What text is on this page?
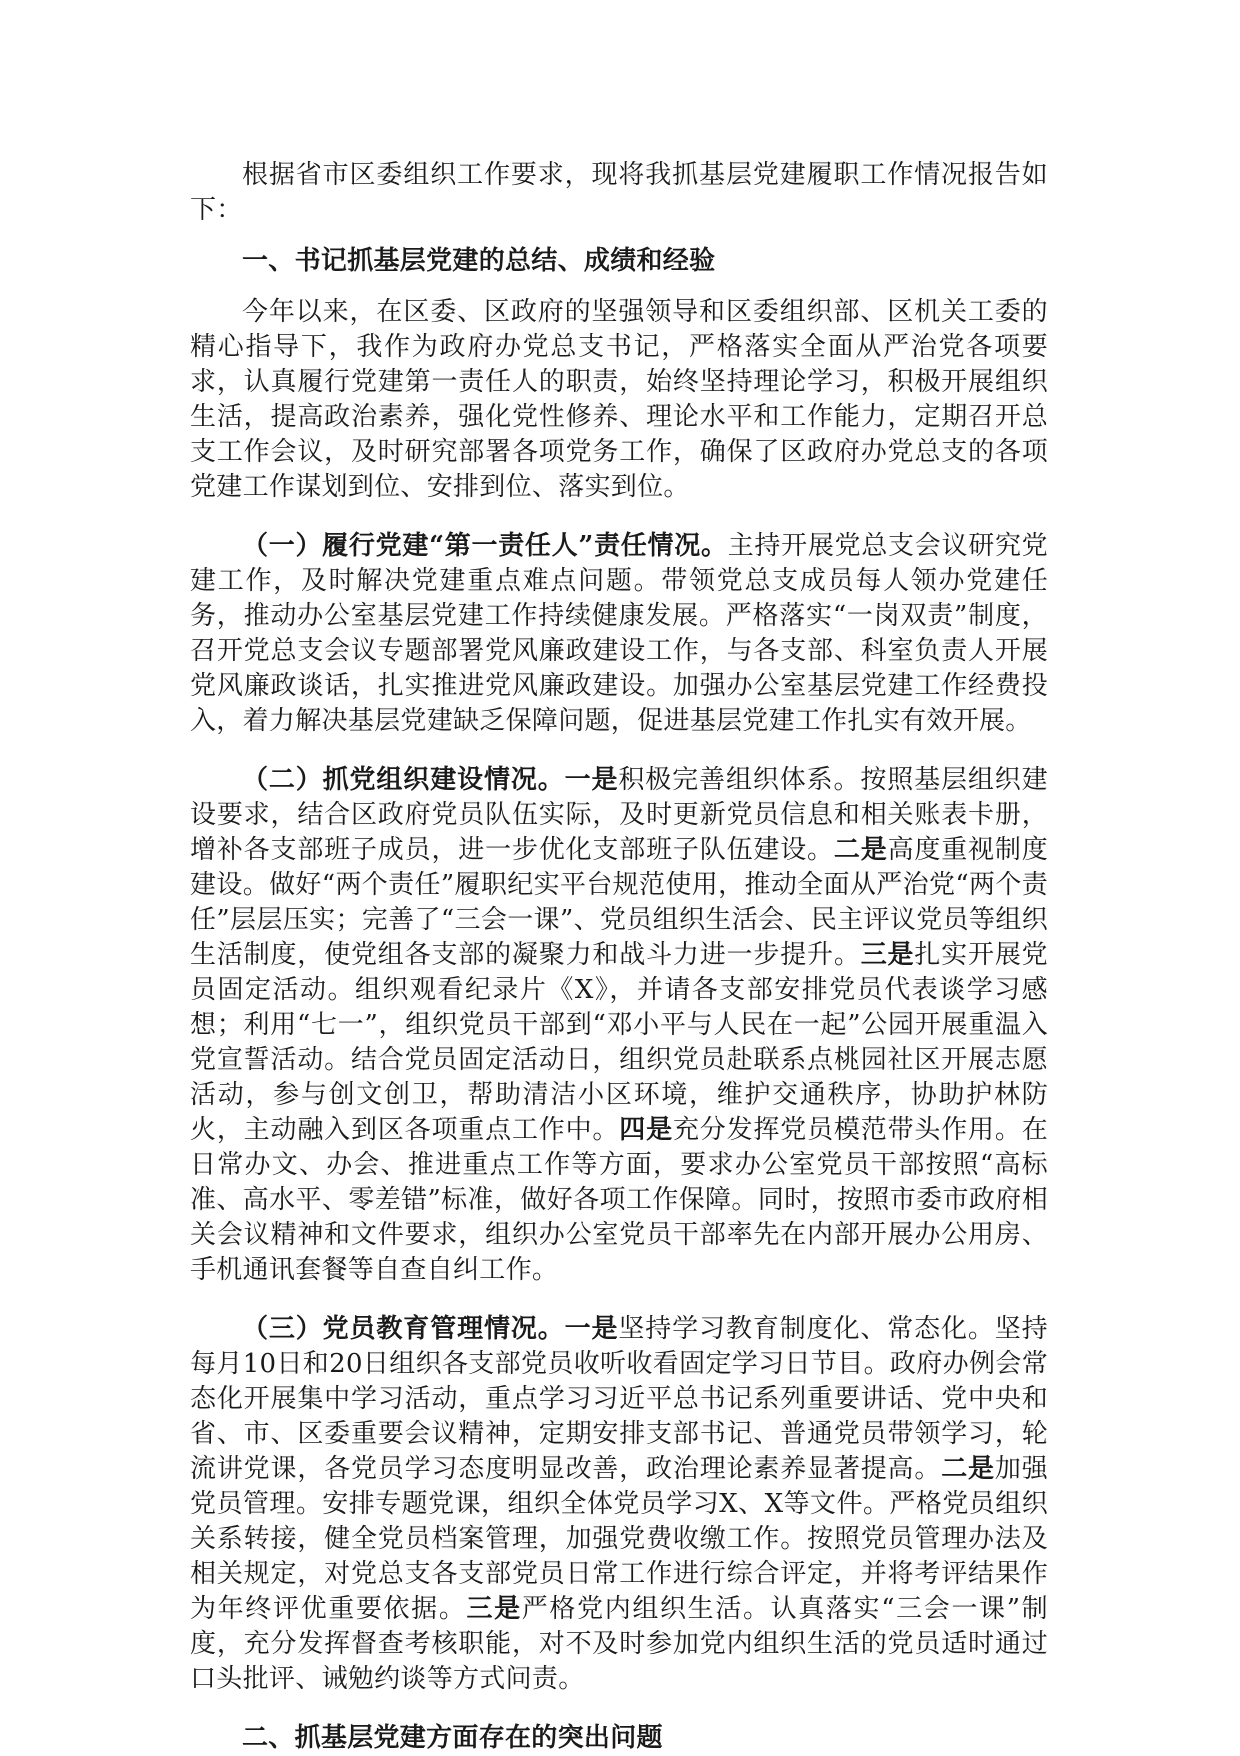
根据省市区委组织工作要求，现将我抓基层党建履职工作情况报告如下：

一、书记抓基层党建的总结、成绩和经验

今年以来，在区委、区政府的坚强领导和区委组织部、区机关工委的精心指导下，我作为政府办党总支书记，严格落实全面从严治党各项要求，认真履行党建第一责任人的职责，始终坚持理论学习，积极开展组织生活，提高政治素养，强化党性修养、理论水平和工作能力，定期召开总支工作会议，及时研究部署各项党务工作，确保了区政府办党总支的各项党建工作谋划到位、安排到位、落实到位。

（一）履行党建“第一责任人”责任情况。主持开展党总支会议研究党建工作，及时解决党建重点难点问题。带领党总支成员每人领办党建任务，推动办公室基层党建工作持续健康发展。严格落实“一岗双责”制度，召开党总支会议专题部署党风廉政建设工作，与各支部、科室负责人开展党风廉政谈话，扎实推进党风廉政建设。加强办公室基层党建工作经费投入，着力解决基层党建缺乏保障问题，促进基层党建工作扎实有效开展。

（二）抓党组织建设情况。一是积极完善组织体系。按照基层组织建设要求，结合区政府党员队伍实际，及时更新党员信息和相关账表卡册，增补各支部班子成员，进一步优化支部班子队伍建设。二是高度重视制度建设。做好“两个责任”履职纪实平台规范使用，推动全面从严治党“两个责任”层层压实；完善了“三会一课”、党员组织生活会、民主评议党员等组织生活制度，使党组各支部的凝聚力和战斗力进一步提升。三是扎实开展党员固定活动。组织观看纪录片《X》，并请各支部安排党员代表谈学习感想；利用“七一”，组织党员干部到“邓小平与人民在一起”公园开展重温入党宣誓活动。结合党员固定活动日，组织党员赴联系点桃园社区开展志愿活动，参与创文创卫，帮助清洁小区环境，维护交通秩序，协助护林防火，主动融入到区各项重点工作中。四是充分发挥党员模范带头作用。在日常办文、办会、推进重点工作等方面，要求办公室党员干部按照“高标准、高水平、零差错”标准，做好各项工作保障。同时，按照市委市政府相关会议精神和文件要求，组织办公室党员干部率先在内部开展办公用房、手机通讯套餐等自查自纠工作。

（三）党员教育管理情况。一是坚持学习教育制度化、常态化。坚持每月10日和20日组织各支部党员收听收看固定学习日节目。政府办例会常态化开展集中学习活动，重点学习习近平总书记系列重要讲话、党中央和省、市、区委重要会议精神，定期安排支部书记、普通党员带领学习，轮流讲党课，各党员学习态度明显改善，政治理论素养显著提高。二是加强党员管理。安排专题党课，组织全体党员学习X、X等文件。严格党员组织关系转接，健全党员档案管理，加强党费收缴工作。按照党员管理办法及相关规定，对党总支各支部党员日常工作进行综合评定，并将考评结果作为年终评优重要依据。三是严格党内组织生活。认真落实“三会一课”制度，充分发挥督查考核职能，对不及时参加党内组织生活的党员适时通过口头批评、诫勉约谈等方式问责。

二、抓基层党建方面存在的突出问题
